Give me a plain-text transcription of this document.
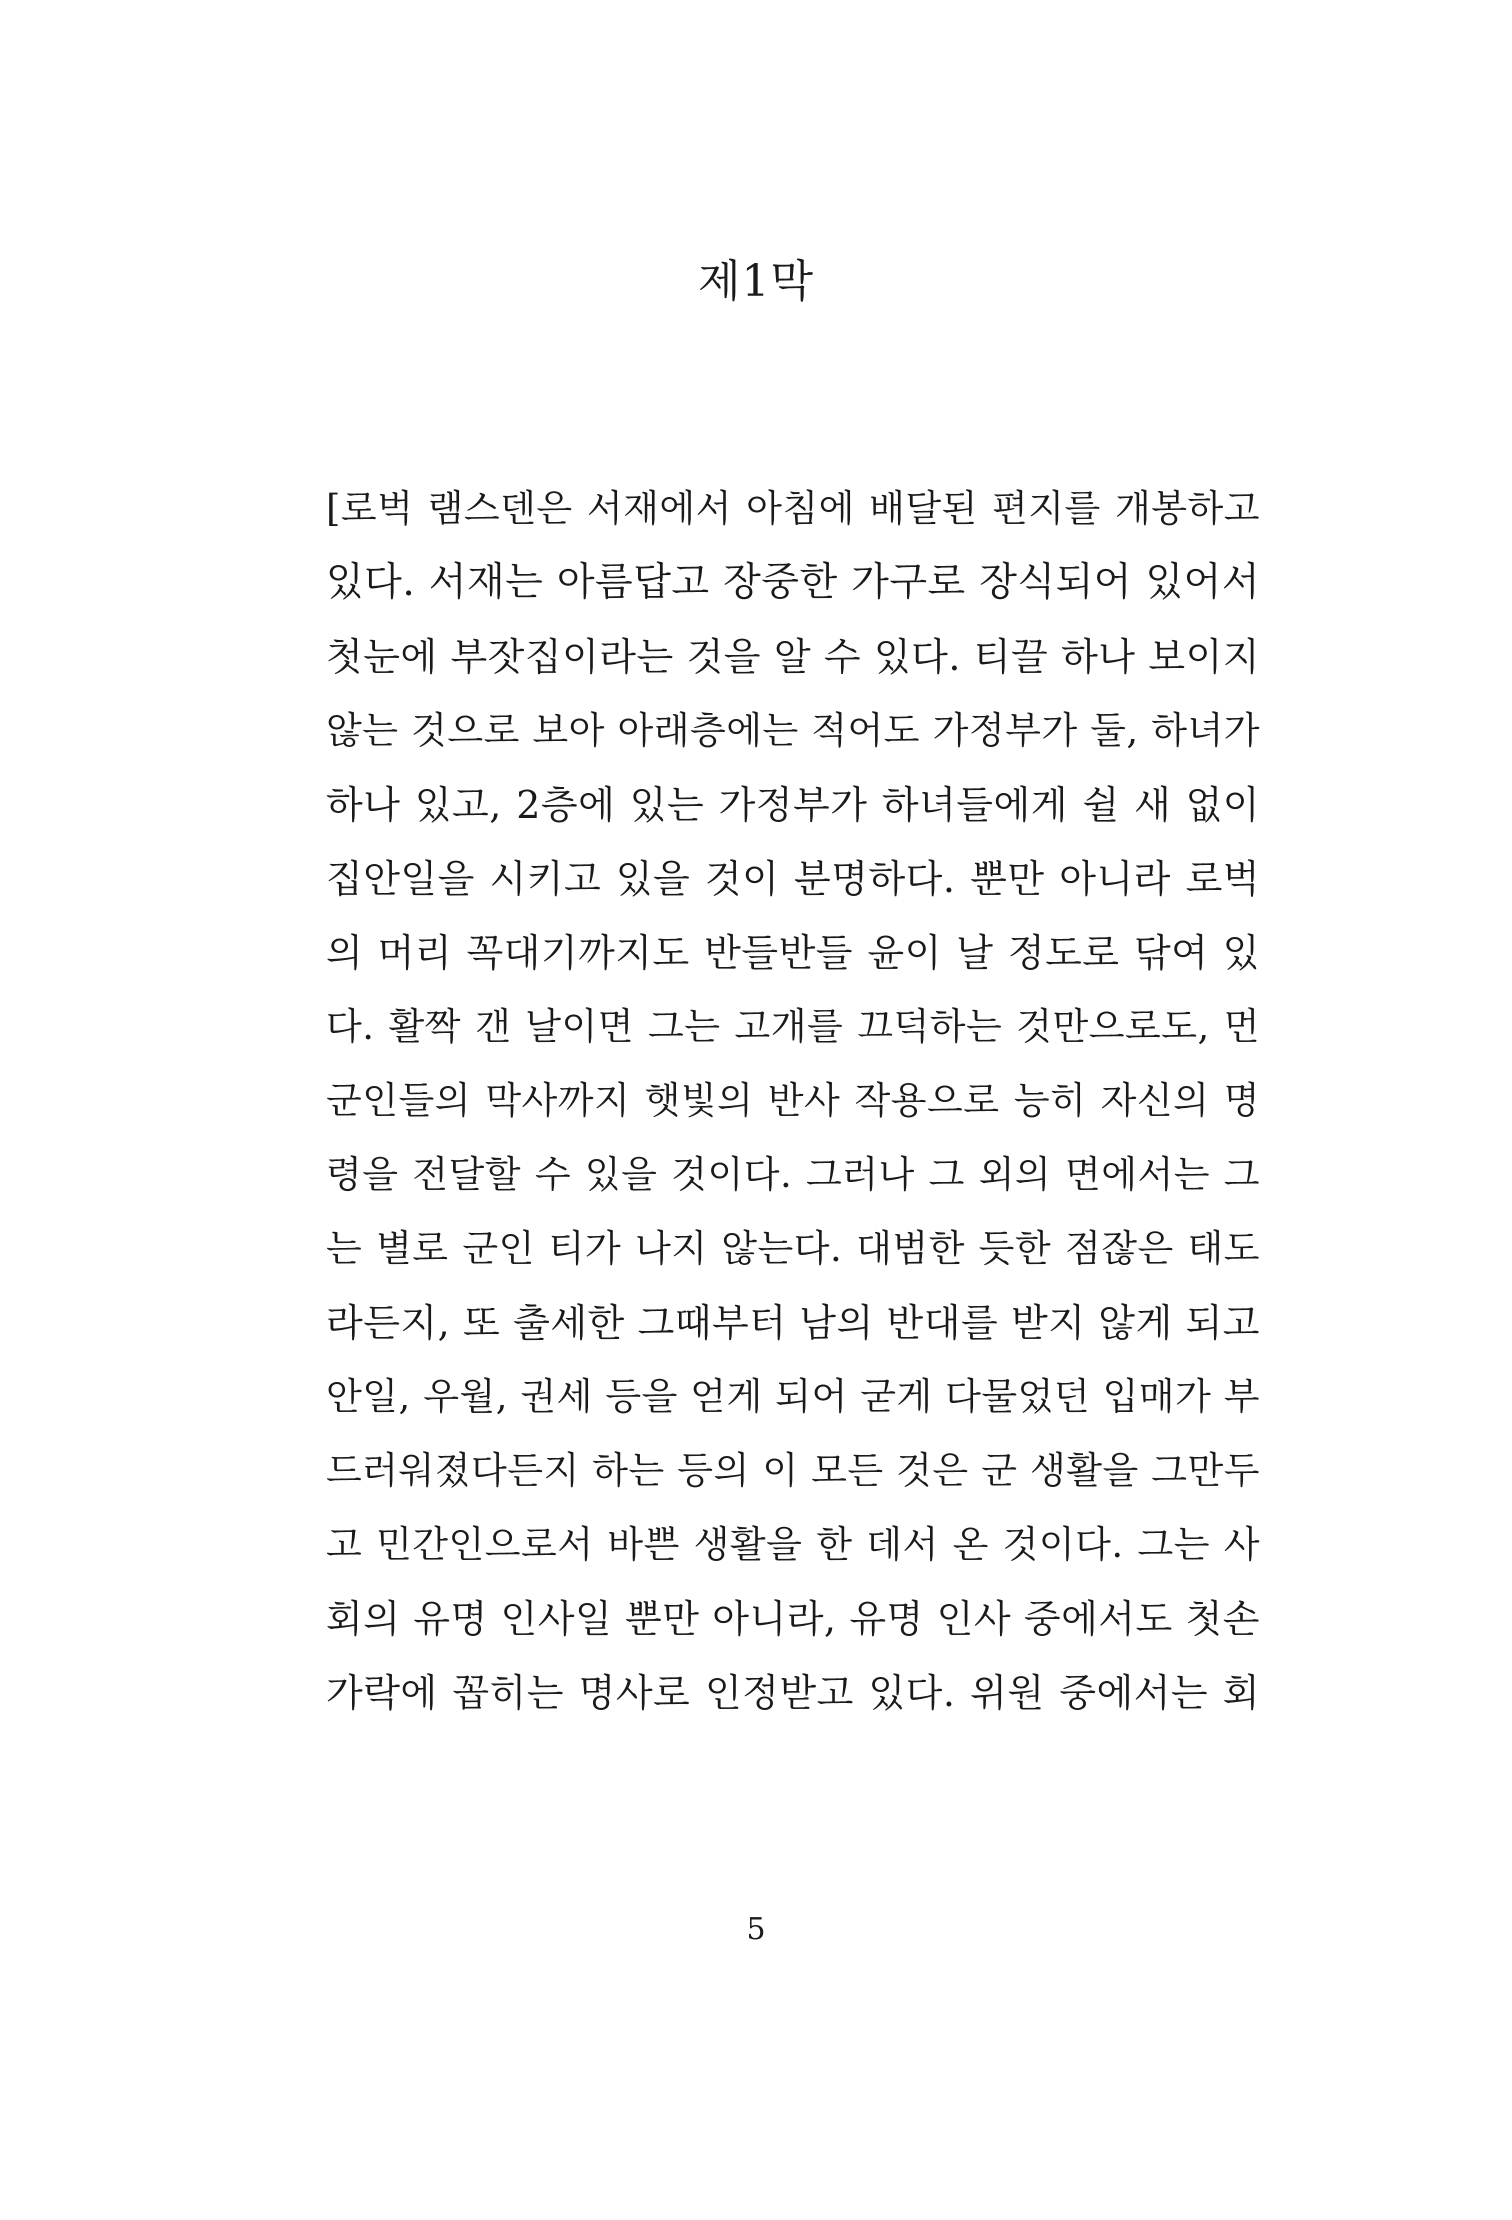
제1막
[로벅 램스덴은 서재에서 아침에 배달된 편지를 개봉하고
있다. 서재는 아름답고 장중한 가구로 장식되어 있어서
첫눈에 부잣집이라는 것을 알 수 있다. 티끌 하나 보이지
않는 것으로 보아 아래층에는 적어도 가정부가 둘, 하녀가
하나 있고, 2층에 있는 가정부가 하녀들에게 쉴 새 없이
집안일을 시키고 있을 것이 분명하다. 뿐만 아니라 로벅
의 머리 꼭대기까지도 반들반들 윤이 날 정도로 닦여 있
다. 활짝 갠 날이면 그는 고개를 끄덕하는 것만으로도, 먼
군인들의 막사까지 햇빛의 반사 작용으로 능히 자신의 명
령을 전달할 수 있을 것이다. 그러나 그 외의 면에서는 그
는 별로 군인 티가 나지 않는다. 대범한 듯한 점잖은 태도
라든지, 또 출세한 그때부터 남의 반대를 받지 않게 되고
안일, 우월, 권세 등을 얻게 되어 굳게 다물었던 입매가 부
드러워졌다든지 하는 등의 이 모든 것은 군 생활을 그만두
고 민간인으로서 바쁜 생활을 한 데서 온 것이다. 그는 사
회의 유명 인사일 뿐만 아니라, 유명 인사 중에서도 첫손
가락에 꼽히는 명사로 인정받고 있다. 위원 중에서는 회
5
